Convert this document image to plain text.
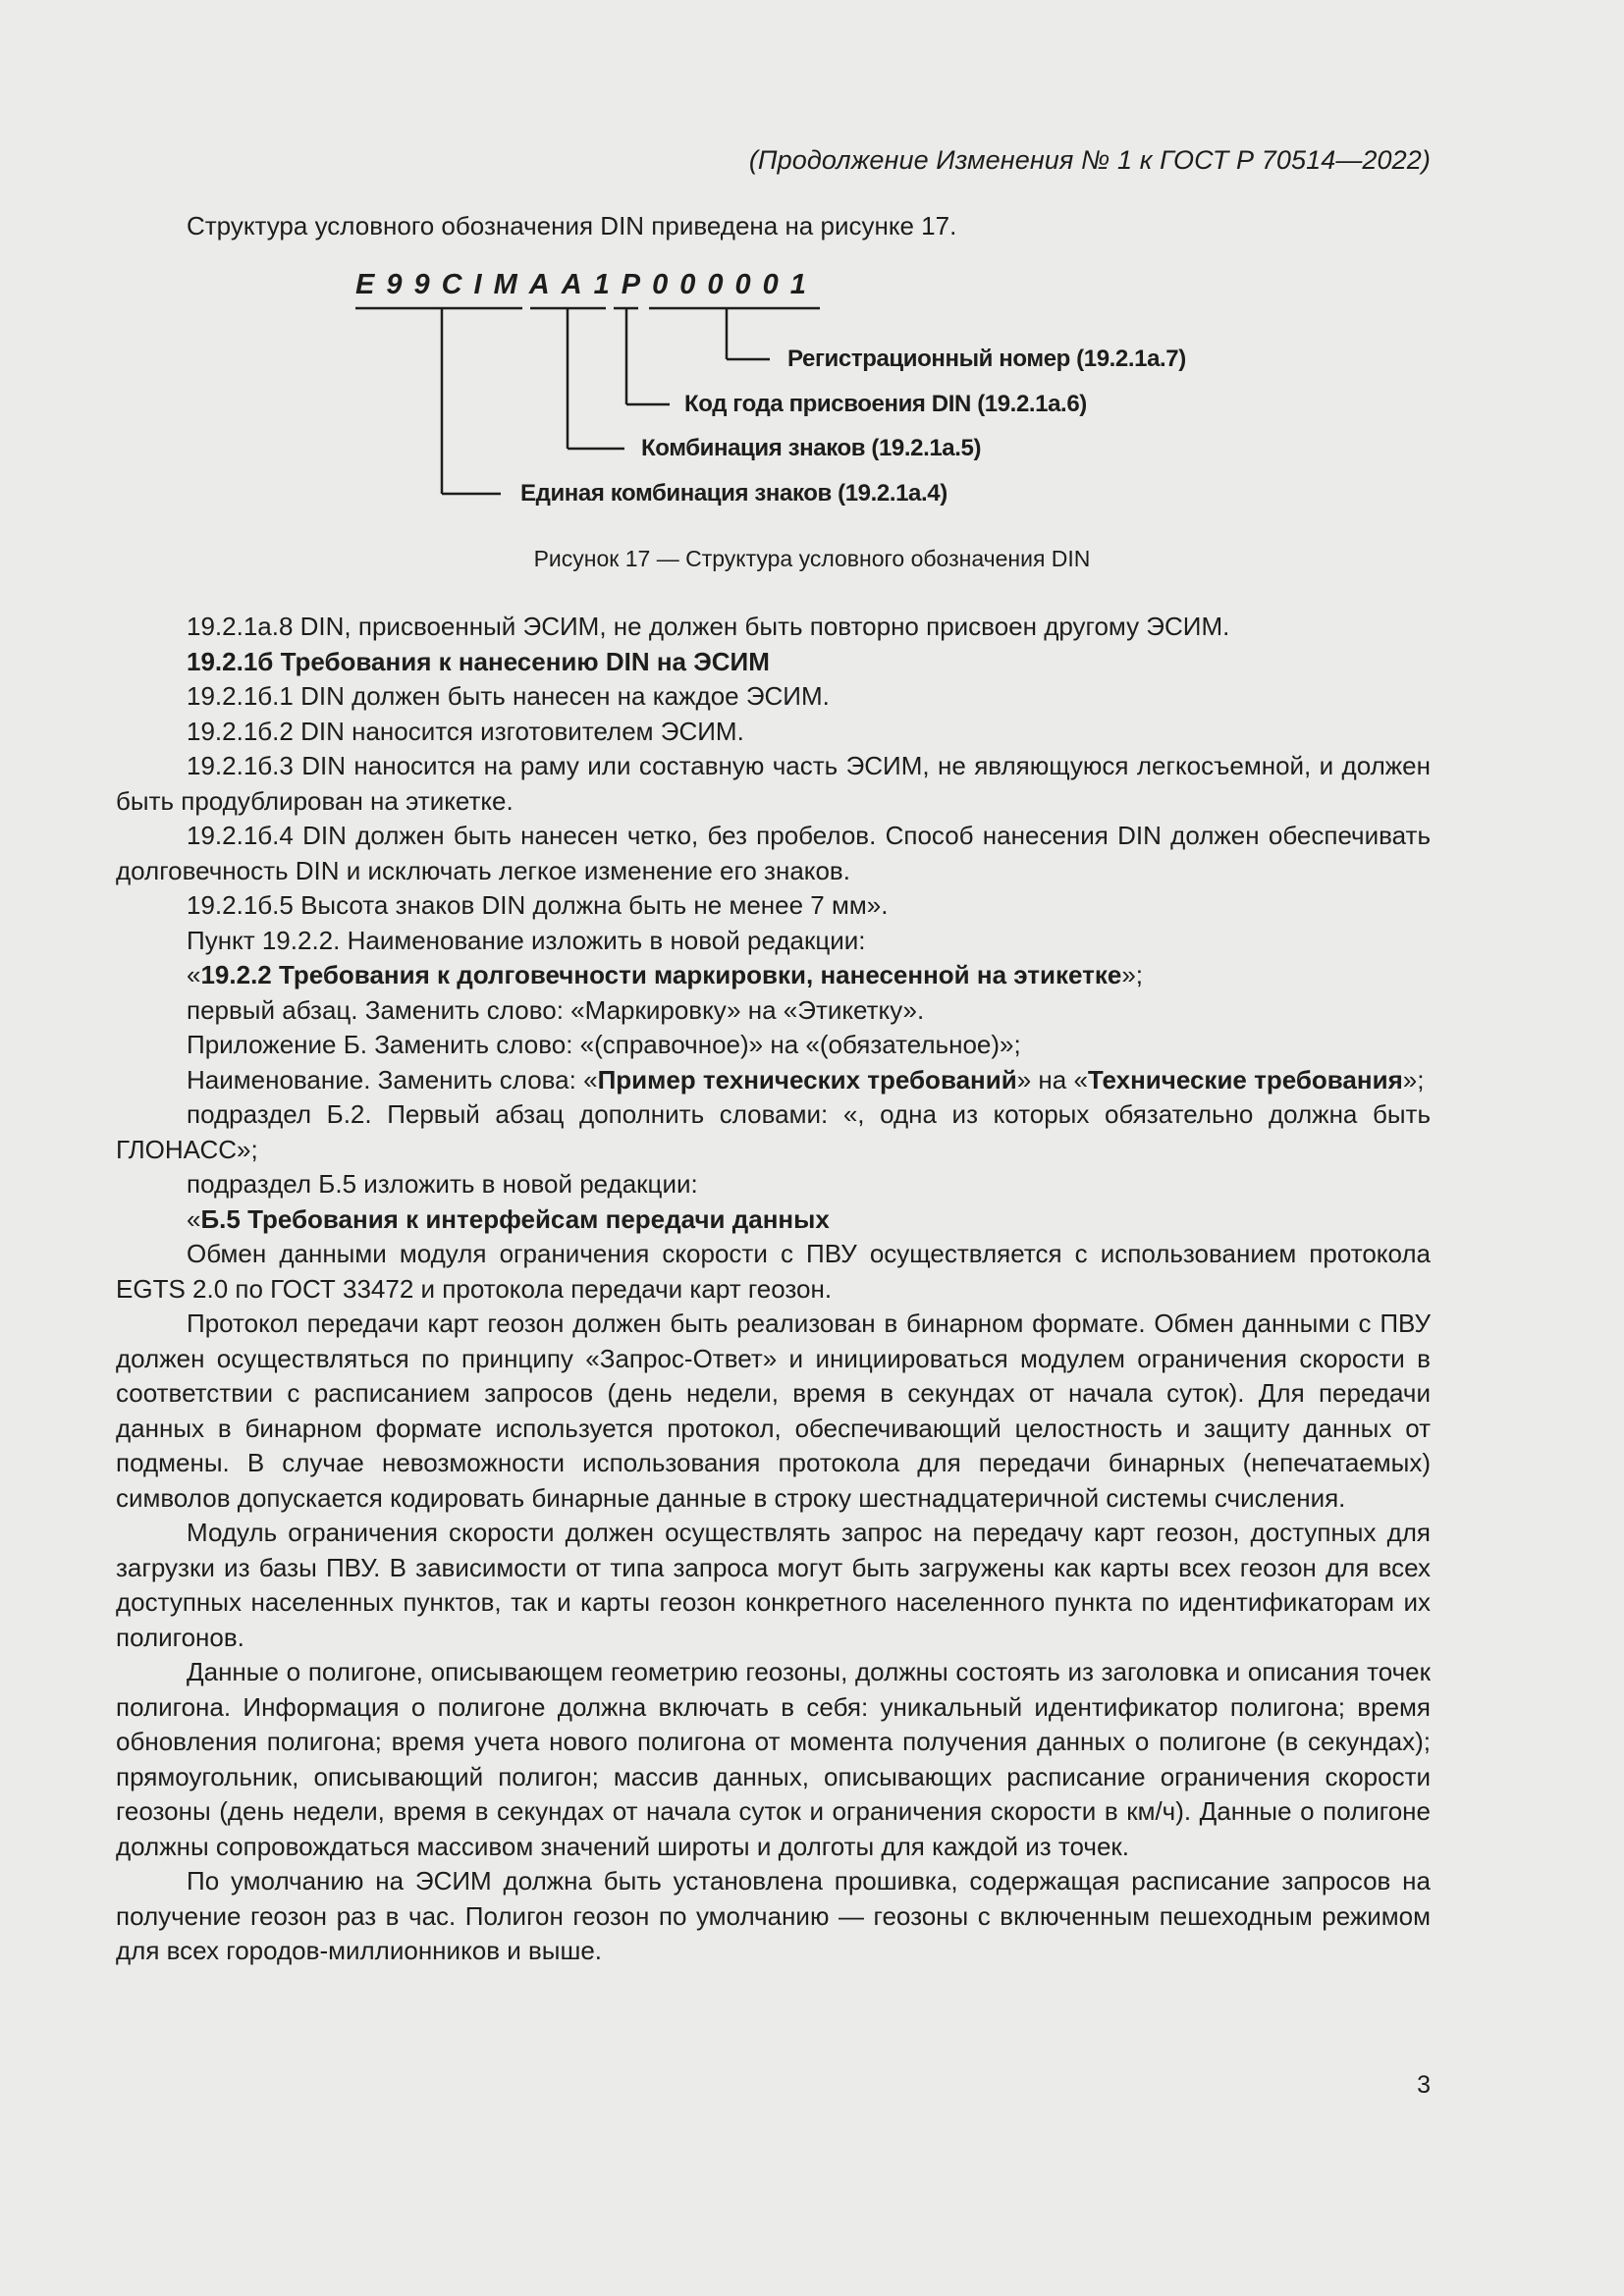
(Продолжение Изменения № 1 к ГОСТ Р 70514—2022)

Структура условного обозначения DIN приведена на рисунке 17.

E99CIMAA1P000001
Регистрационный номер (19.2.1а.7)
Код года присвоения DIN (19.2.1а.6)
Комбинация знаков (19.2.1а.5)
Единая комбинация знаков (19.2.1а.4)
Рисунок 17 — Структура условного обозначения DIN

19.2.1а.8 DIN, присвоенный ЭСИМ, не должен быть повторно присвоен другому ЭСИМ.

19.2.1б Требования к нанесению DIN на ЭСИМ

19.2.1б.1 DIN должен быть нанесен на каждое ЭСИМ.

19.2.1б.2 DIN наносится изготовителем ЭСИМ.

19.2.1б.3 DIN наносится на раму или составную часть ЭСИМ, не являющуюся легкосъемной, и должен быть продублирован на этикетке.

19.2.1б.4 DIN должен быть нанесен четко, без пробелов. Способ нанесения DIN должен обеспечивать долговечность DIN и исключать легкое изменение его знаков.

19.2.1б.5 Высота знаков DIN должна быть не менее 7 мм».

Пункт 19.2.2. Наименование изложить в новой редакции:

«19.2.2 Требования к долговечности маркировки, нанесенной на этикетке»;

первый абзац. Заменить слово: «Маркировку» на «Этикетку».

Приложение Б. Заменить слово: «(справочное)» на «(обязательное)»;

Наименование. Заменить слова: «Пример технических требований» на «Технические требования»;

подраздел Б.2. Первый абзац дополнить словами: «, одна из которых обязательно должна быть ГЛОНАСС»;

подраздел Б.5 изложить в новой редакции:

«Б.5 Требования к интерфейсам передачи данных

Обмен данными модуля ограничения скорости с ПВУ осуществляется с использованием протокола EGTS 2.0 по ГОСТ 33472 и протокола передачи карт геозон.

Протокол передачи карт геозон должен быть реализован в бинарном формате. Обмен данными с ПВУ должен осуществляться по принципу «Запрос-Ответ» и инициироваться модулем ограничения скорости в соответствии с расписанием запросов (день недели, время в секундах от начала суток). Для передачи данных в бинарном формате используется протокол, обеспечивающий целостность и защиту данных от подмены. В случае невозможности использования протокола для передачи бинарных (непечатаемых) символов допускается кодировать бинарные данные в строку шестнадцатеричной системы счисления.

Модуль ограничения скорости должен осуществлять запрос на передачу карт геозон, доступных для загрузки из базы ПВУ. В зависимости от типа запроса могут быть загружены как карты всех геозон для всех доступных населенных пунктов, так и карты геозон конкретного населенного пункта по идентификаторам их полигонов.

Данные о полигоне, описывающем геометрию геозоны, должны состоять из заголовка и описания точек полигона. Информация о полигоне должна включать в себя: уникальный идентификатор полигона; время обновления полигона; время учета нового полигона от момента получения данных о полигоне (в секундах); прямоугольник, описывающий полигон; массив данных, описывающих расписание ограничения скорости геозоны (день недели, время в секундах от начала суток и ограничения скорости в км/ч). Данные о полигоне должны сопровождаться массивом значений широты и долготы для каждой из точек.

По умолчанию на ЭСИМ должна быть установлена прошивка, содержащая расписание запросов на получение геозон раз в час. Полигон геозон по умолчанию — геозоны с включенным пешеходным режимом для всех городов-миллионников и выше.

3
